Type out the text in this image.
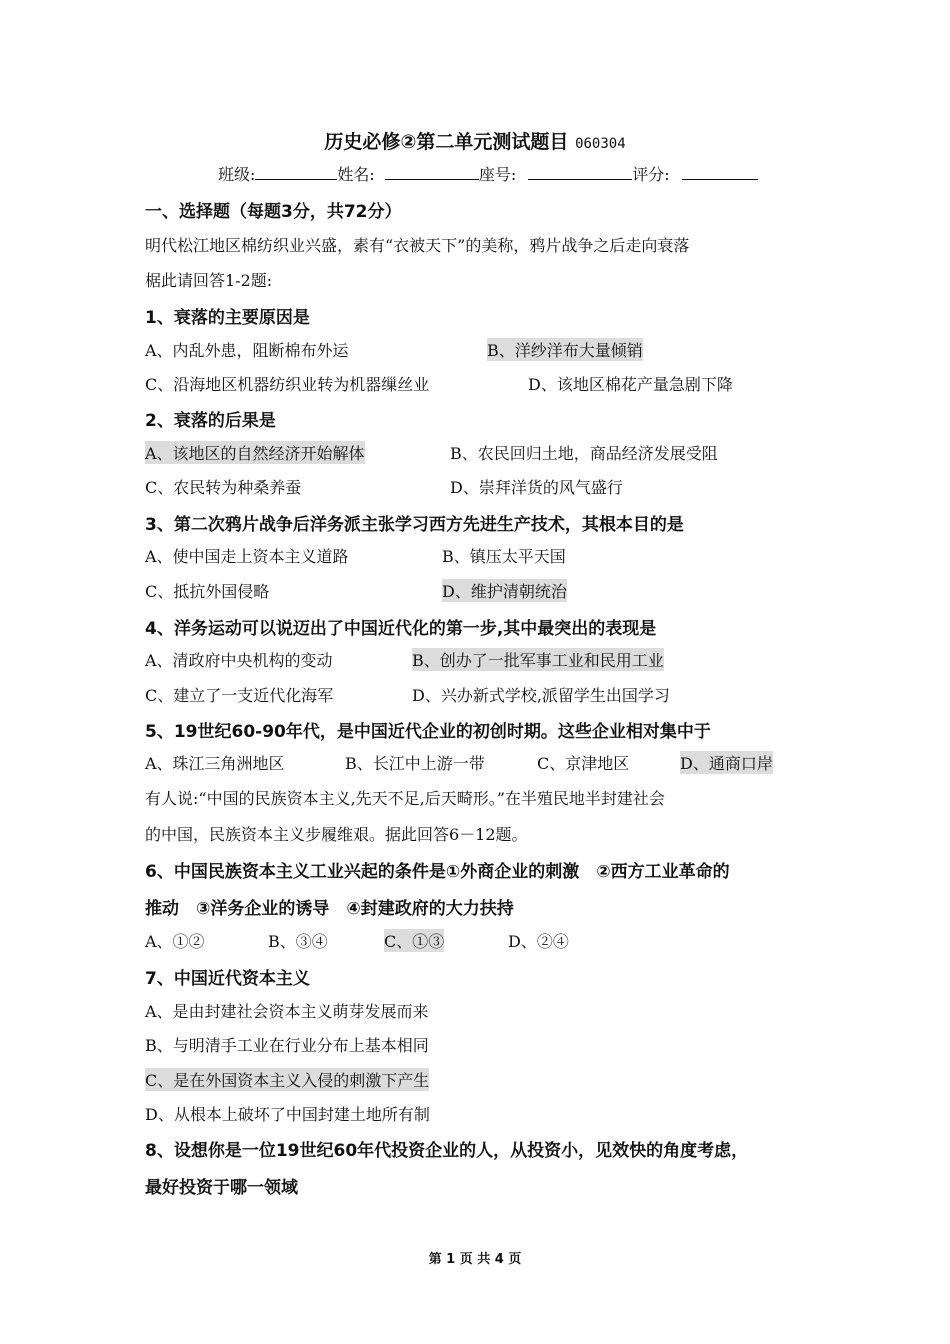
历史必修②第二单元测试题目 060304
班级:	姓名:	座号:	评分:
一、选择题（每题3分，共72分）
明代松江地区棉纺织业兴盛，素有“衣被天下”的美称，鸦片战争之后走向衰落
椐此请回答1-2题:
1、衰落的主要原因是
A、内乱外患，阻断棉布外运	B、洋纱洋布大量倾销
C、沿海地区机器纺织业转为机器缫丝业	D、该地区棉花产量急剧下降
2、衰落的后果是
A、该地区的自然经济开始解体	B、农民回归土地，商品经济发展受阻
C、农民转为种桑养蚕	D、崇拜洋货的风气盛行
3、第二次鸦片战争后洋务派主张学习西方先进生产技术，其根本目的是
A、使中国走上资本主义道路	B、镇压太平天国
C、抵抗外国侵略	D、维护清朝统治
4、洋务运动可以说迈出了中国近代化的第一步,其中最突出的表现是
A、清政府中央机构的变动	B、创办了一批军事工业和民用工业
C、建立了一支近代化海军	D、兴办新式学校,派留学生出国学习
5、19世纪60-90年代，是中国近代企业的初创时期。这些企业相对集中于
A、珠江三角洲地区	B、长江中上游一带	C、京津地区	D、通商口岸
有人说:“中国的民族资本主义,先天不足,后天畸形。”在半殖民地半封建社会
的中国，民族资本主义步履维艰。据此回答6－12题。
6、中国民族资本主义工业兴起的条件是①外商企业的刺激　②西方工业革命的
推动　③洋务企业的诱导　④封建政府的大力扶持
A、①②	B、③④	C、①③	D、②④
7、中国近代资本主义
A、是由封建社会资本主义萌芽发展而来
B、与明清手工业在行业分布上基本相同
C、是在外国资本主义入侵的刺激下产生
D、从根本上破坏了中国封建土地所有制
8、设想你是一位19世纪60年代投资企业的人，从投资小，见效快的角度考虑，
最好投资于哪一领域
第 1 页 共 4 页
